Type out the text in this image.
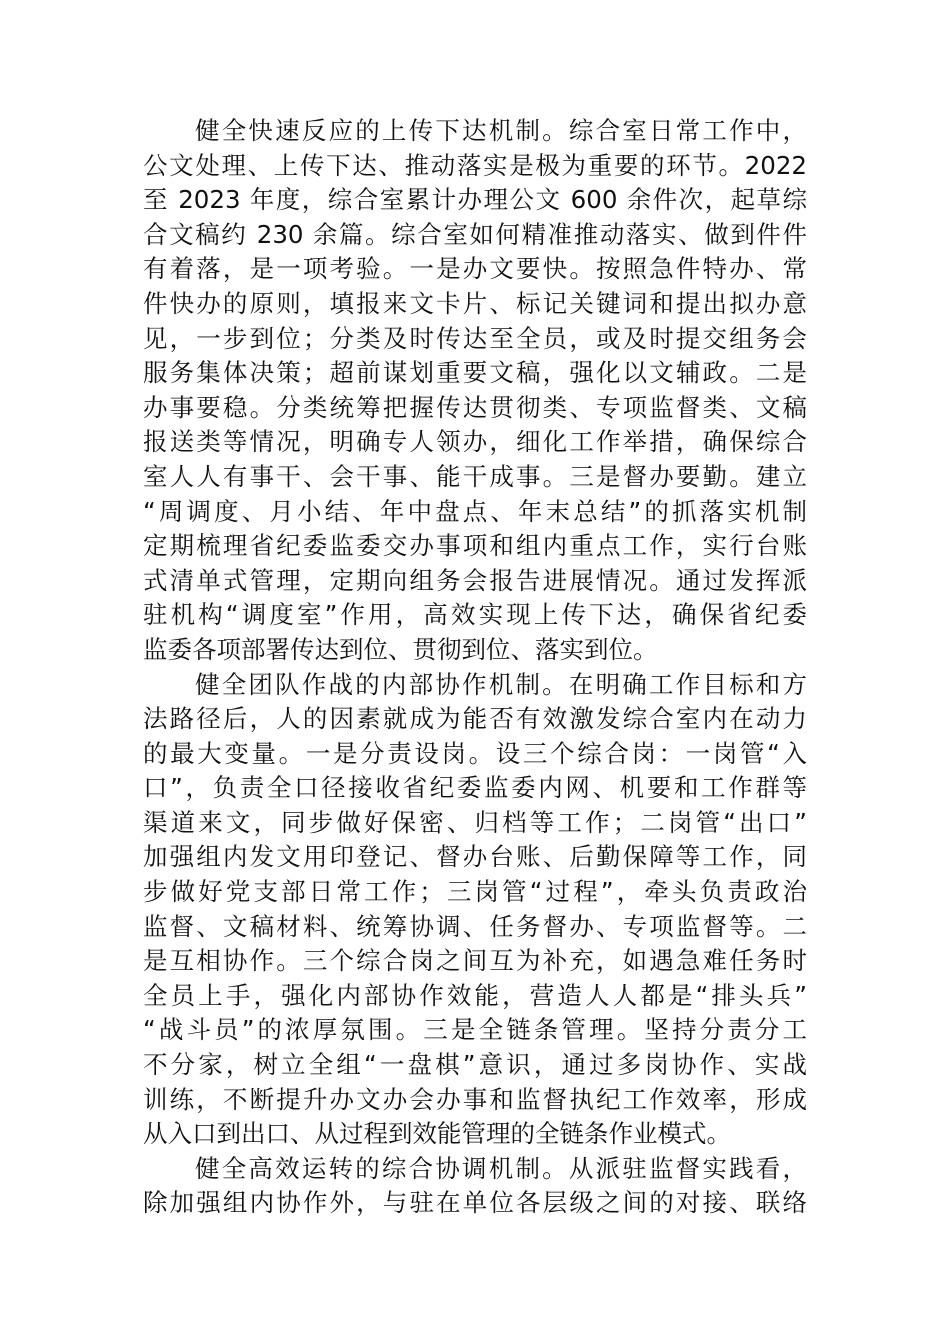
健全快速反应的上传下达机制。综合室日常工作中，
公文处理、上传下达、推动落实是极为重要的环节。2022
至 2023 年度，综合室累计办理公文 600 余件次，起草综
合文稿约 230 余篇。综合室如何精准推动落实、做到件件
有着落，是一项考验。一是办文要快。按照急件特办、常
件快办的原则，填报来文卡片、标记关键词和提出拟办意
见，一步到位；分类及时传达至全员，或及时提交组务会
服务集体决策；超前谋划重要文稿，强化以文辅政。二是
办事要稳。分类统筹把握传达贯彻类、专项监督类、文稿
报送类等情况，明确专人领办，细化工作举措，确保综合
室人人有事干、会干事、能干成事。三是督办要勤。建立
“周调度、月小结、年中盘点、年末总结”的抓落实机制
定期梳理省纪委监委交办事项和组内重点工作，实行台账
式清单式管理，定期向组务会报告进展情况。通过发挥派
驻机构“调度室”作用，高效实现上传下达，确保省纪委
监委各项部署传达到位、贯彻到位、落实到位。
健全团队作战的内部协作机制。在明确工作目标和方
法路径后，人的因素就成为能否有效激发综合室内在动力
的最大变量。一是分责设岗。设三个综合岗：一岗管“入
口”，负责全口径接收省纪委监委内网、机要和工作群等
渠道来文，同步做好保密、归档等工作；二岗管“出口”
加强组内发文用印登记、督办台账、后勤保障等工作，同
步做好党支部日常工作；三岗管“过程”，牵头负责政治
监督、文稿材料、统筹协调、任务督办、专项监督等。二
是互相协作。三个综合岗之间互为补充，如遇急难任务时
全员上手，强化内部协作效能，营造人人都是“排头兵”
“战斗员”的浓厚氛围。三是全链条管理。坚持分责分工
不分家，树立全组“一盘棋”意识，通过多岗协作、实战
训练，不断提升办文办会办事和监督执纪工作效率，形成
从入口到出口、从过程到效能管理的全链条作业模式。
健全高效运转的综合协调机制。从派驻监督实践看，
除加强组内协作外，与驻在单位各层级之间的对接、联络
